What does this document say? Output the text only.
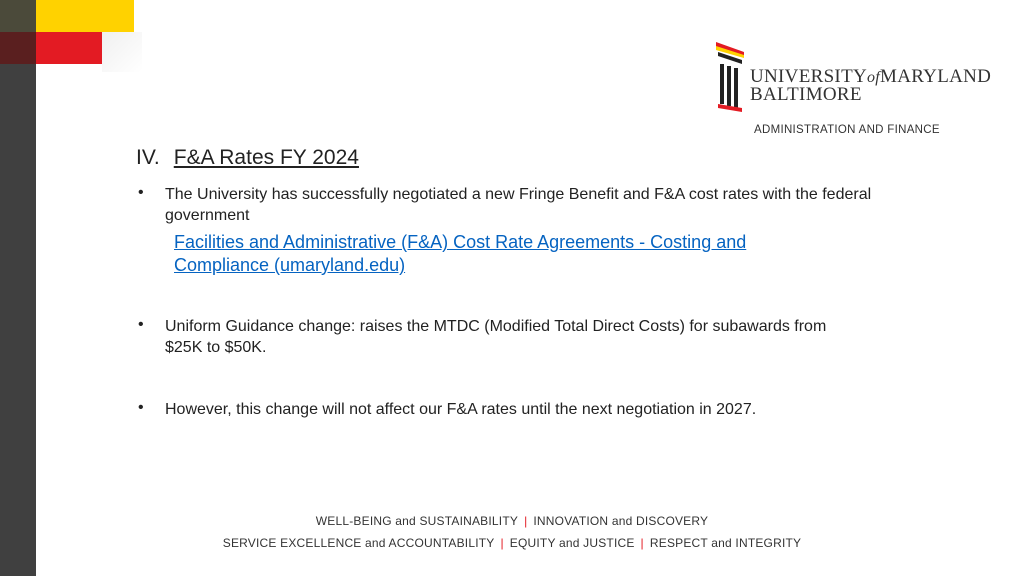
UNIVERSITYofMARYLAND
BALTIMORE
ADMINISTRATION AND FINANCE
IV. F&A Rates FY 2024
• The University has successfully negotiated a new Fringe Benefit and F&A cost rates with the federal government
Facilities and Administrative (F&A) Cost Rate Agreements - Costing and Compliance (umaryland.edu)
• Uniform Guidance change: raises the MTDC (Modified Total Direct Costs) for subawards from $25K to $50K.
• However, this change will not affect our F&A rates until the next negotiation in 2027.
WELL-BEING and SUSTAINABILITY | INNOVATION and DISCOVERY
SERVICE EXCELLENCE and ACCOUNTABILITY | EQUITY and JUSTICE | RESPECT and INTEGRITY
